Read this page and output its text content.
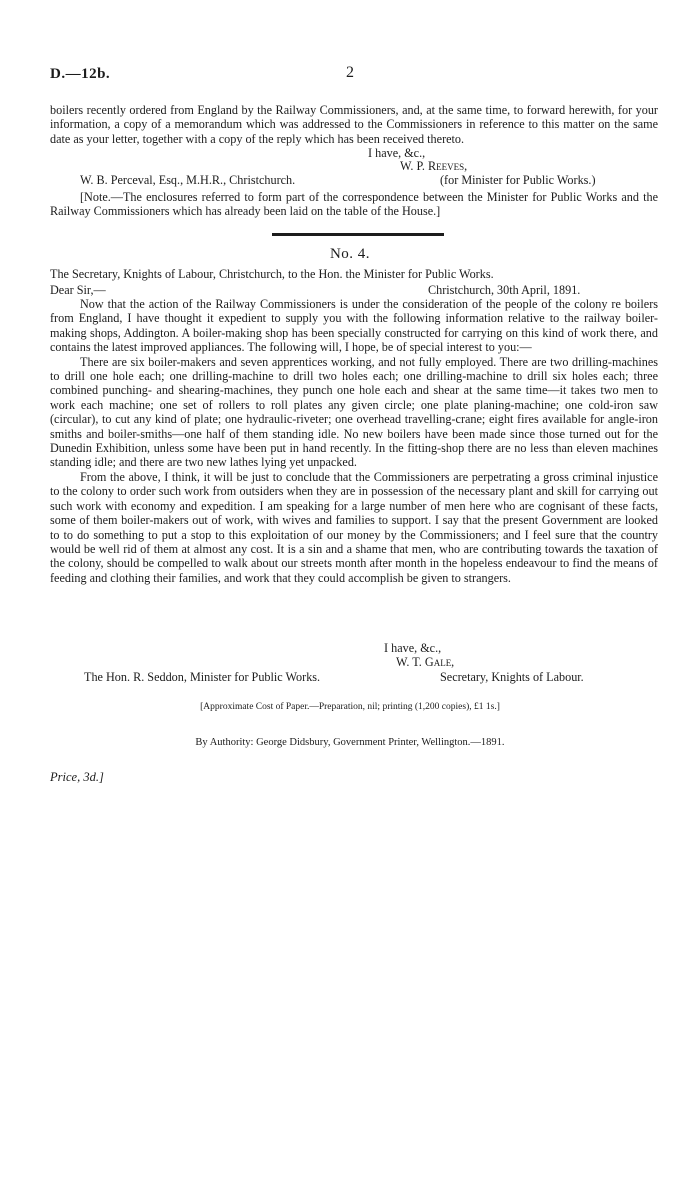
D.—12b.	2

boilers recently ordered from England by the Railway Commissioners, and, at the same time, to forward herewith, for your information, a copy of a memorandum which was addressed to the Commissioners in reference to this matter on the same date as your letter, together with a copy of the reply which has been received thereto.

I have, &c.,
W. P. Reeves,
W. B. Perceval, Esq., M.H.R., Christchurch.	(for Minister for Public Works.)

[Note.—The enclosures referred to form part of the correspondence between the Minister for Public Works and the Railway Commissioners which has already been laid on the table of the House.]

No. 4.

The Secretary, Knights of Labour, Christchurch, to the Hon. the Minister for Public Works.

Dear Sir,—	Christchurch, 30th April, 1891.

Now that the action of the Railway Commissioners is under the consideration of the people of the colony re boilers from England, I have thought it expedient to supply you with the following information relative to the railway boiler-making shops, Addington. A boiler-making shop has been specially constructed for carrying on this kind of work there, and contains the latest improved appliances. The following will, I hope, be of special interest to you:—

There are six boiler-makers and seven apprentices working, and not fully employed. There are two drilling-machines to drill one hole each; one drilling-machine to drill two holes each; one drilling-machine to drill six holes each; three combined punching- and shearing-machines, they punch one hole each and shear at the same time—it takes two men to work each machine; one set of rollers to roll plates any given circle; one plate planing-machine; one cold-iron saw (circular), to cut any kind of plate; one hydraulic-riveter; one overhead travelling-crane; eight fires available for angle-iron smiths and boiler-smiths—one half of them standing idle. No new boilers have been made since those turned out for the Dunedin Exhibition, unless some have been put in hand recently. In the fitting-shop there are no less than eleven machines standing idle; and there are two new lathes lying yet unpacked.

From the above, I think, it will be just to conclude that the Commissioners are perpetrating a gross criminal injustice to the colony to order such work from outsiders when they are in possession of the necessary plant and skill for carrying out such work with economy and expedition. I am speaking for a large number of men here who are cognisant of these facts, some of them boiler-makers out of work, with wives and families to support. I say that the present Government are looked to to do something to put a stop to this exploitation of our money by the Commissioners; and I feel sure that the country would be well rid of them at almost any cost. It is a sin and a shame that men, who are contributing towards the taxation of the colony, should be compelled to walk about our streets month after month in the hopeless endeavour to find the means of feeding and clothing their families, and work that they could accomplish be given to strangers.

I have, &c.,
W. T. Gale,
The Hon. R. Seddon, Minister for Public Works.	Secretary, Knights of Labour.
[Approximate Cost of Paper.—Preparation, nil; printing (1,200 copies), £1 1s.]
By Authority: George Didsbury, Government Printer, Wellington.—1891.
Price, 3d.]
